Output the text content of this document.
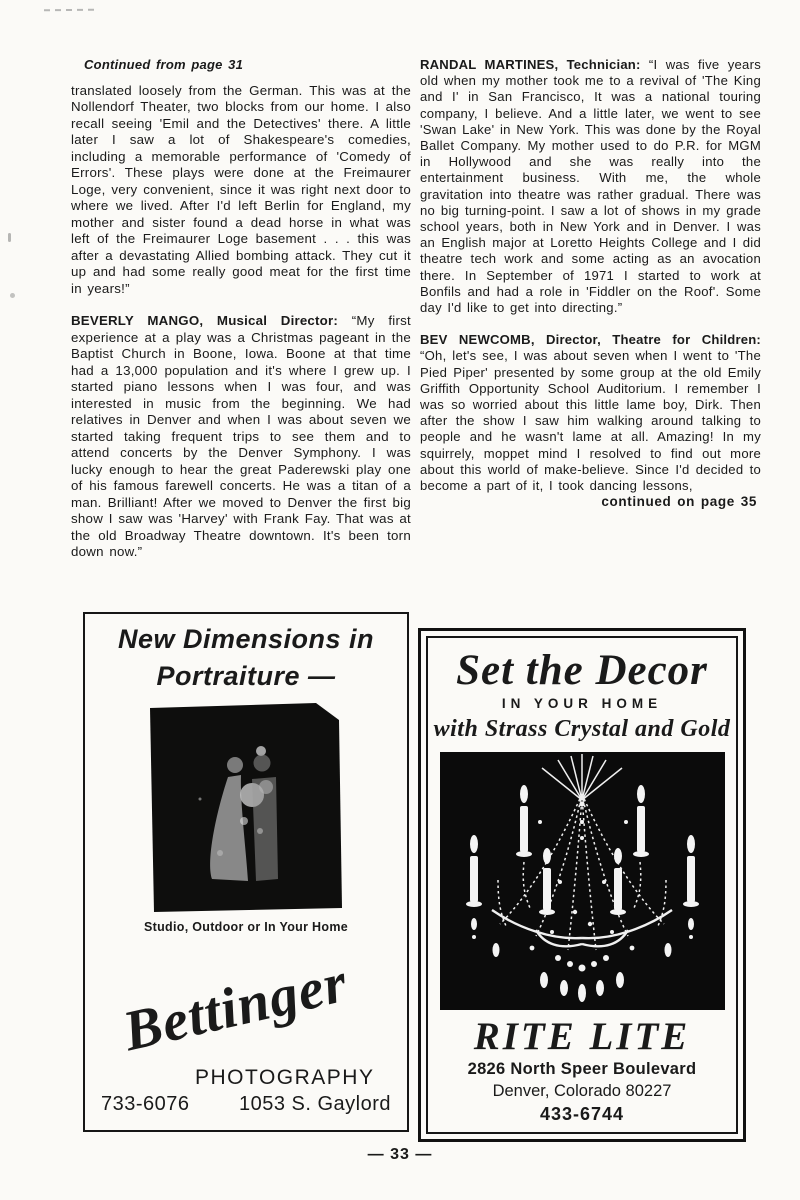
Continued from page 31

translated loosely from the German. This was at the Nollendorf Theater, two blocks from our home. I also recall seeing 'Emil and the Detectives' there. A little later I saw a lot of Shakespeare's comedies, including a memorable performance of 'Comedy of Errors'. These plays were done at the Freimaurer Loge, very convenient, since it was right next door to where we lived. After I'd left Berlin for England, my mother and sister found a dead horse in what was left of the Freimaurer Loge basement . . . this was after a devastating Allied bombing attack. They cut it up and had some really good meat for the first time in years!”

BEVERLY MANGO, Musical Director: “My first experience at a play was a Christmas pageant in the Baptist Church in Boone, Iowa. Boone at that time had a 13,000 population and it's where I grew up. I started piano lessons when I was four, and was interested in music from the beginning. We had relatives in Denver and when I was about seven we started taking frequent trips to see them and to attend concerts by the Denver Symphony. I was lucky enough to hear the great Paderewski play one of his famous farewell concerts. He was a titan of a man. Brilliant! After we moved to Denver the first big show I saw was 'Harvey' with Frank Fay. That was at the old Broadway Theatre downtown. It's been torn down now.”

RANDAL MARTINES, Technician: “I was five years old when my mother took me to a revival of 'The King and I' in San Francisco, It was a national touring company, I believe. And a little later, we went to see 'Swan Lake' in New York. This was done by the Royal Ballet Company. My mother used to do P.R. for MGM in Hollywood and she was really into the entertainment business. With me, the whole gravitation into theatre was rather gradual. There was no big turning-point. I saw a lot of shows in my grade school years, both in New York and in Denver. I was an English major at Loretto Heights College and I did theatre tech work and some acting as an avocation there. In September of 1971 I started to work at Bonfils and had a role in 'Fiddler on the Roof'. Some day I'd like to get into directing.”

BEV NEWCOMB, Director, Theatre for Children: “Oh, let's see, I was about seven when I went to 'The Pied Piper' presented by some group at the old Emily Griffith Opportunity School Auditorium. I remember I was so worried about this little lame boy, Dirk. Then after the show I saw him walking around talking to people and he wasn't lame at all. Amazing! In my squirrely, moppet mind I resolved to find out more about this world of make-believe. Since I'd decided to become a part of it, I took dancing lessons,

continued on page 35
New Dimensions in
Portraiture —
Studio, Outdoor or In Your Home
Bettinger
PHOTOGRAPHY
733-6076 1053 S. Gaylord
Set the Decor
IN YOUR HOME
with Strass Crystal and Gold
RITE LITE
2826 North Speer Boulevard
Denver, Colorado 80227
433-6744
— 33 —
